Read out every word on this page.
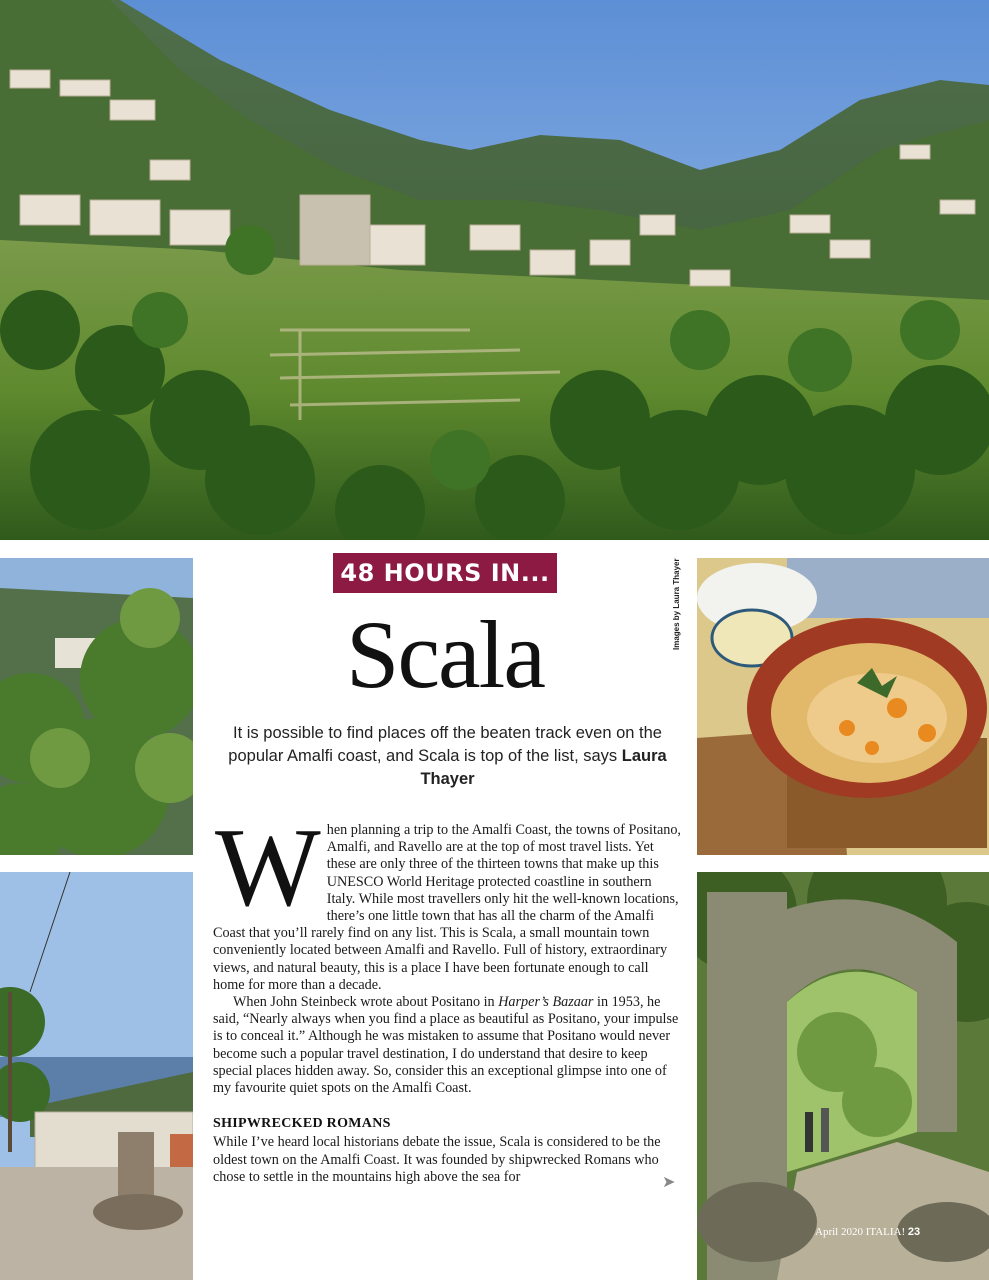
48 HOURS IN...
Scala
It is possible to find places off the beaten track even on the popular Amalfi coast, and Scala is top of the list, says Laura Thayer
Images by Laura Thayer
W hen planning a trip to the Amalfi Coast, the towns of Positano, Amalfi, and Ravello are at the top of most travel lists. Yet these are only three of the thirteen towns that make up this UNESCO World Heritage protected coastline in southern Italy. While most travellers only hit the well-known locations, there’s one little town that has all the charm of the Amalfi Coast that you’ll rarely find on any list. This is Scala, a small mountain town conveniently located between Amalfi and Ravello. Full of history, extraordinary views, and natural beauty, this is a place I have been fortunate enough to call home for more than a decade.

When John Steinbeck wrote about Positano in Harper’s Bazaar in 1953, he said, “Nearly always when you find a place as beautiful as Positano, your impulse is to conceal it.” Although he was mistaken to assume that Positano would never become such a popular travel destination, I do understand that desire to keep special places hidden away. So, consider this an exceptional glimpse into one of my favourite quiet spots on the Amalfi Coast.

SHIPWRECKED ROMANS

While I’ve heard local historians debate the issue, Scala is considered to be the oldest town on the Amalfi Coast. It was founded by shipwrecked Romans who chose to settle in the mountains high above the sea for	➤
April 2020 ITALIA! 23
